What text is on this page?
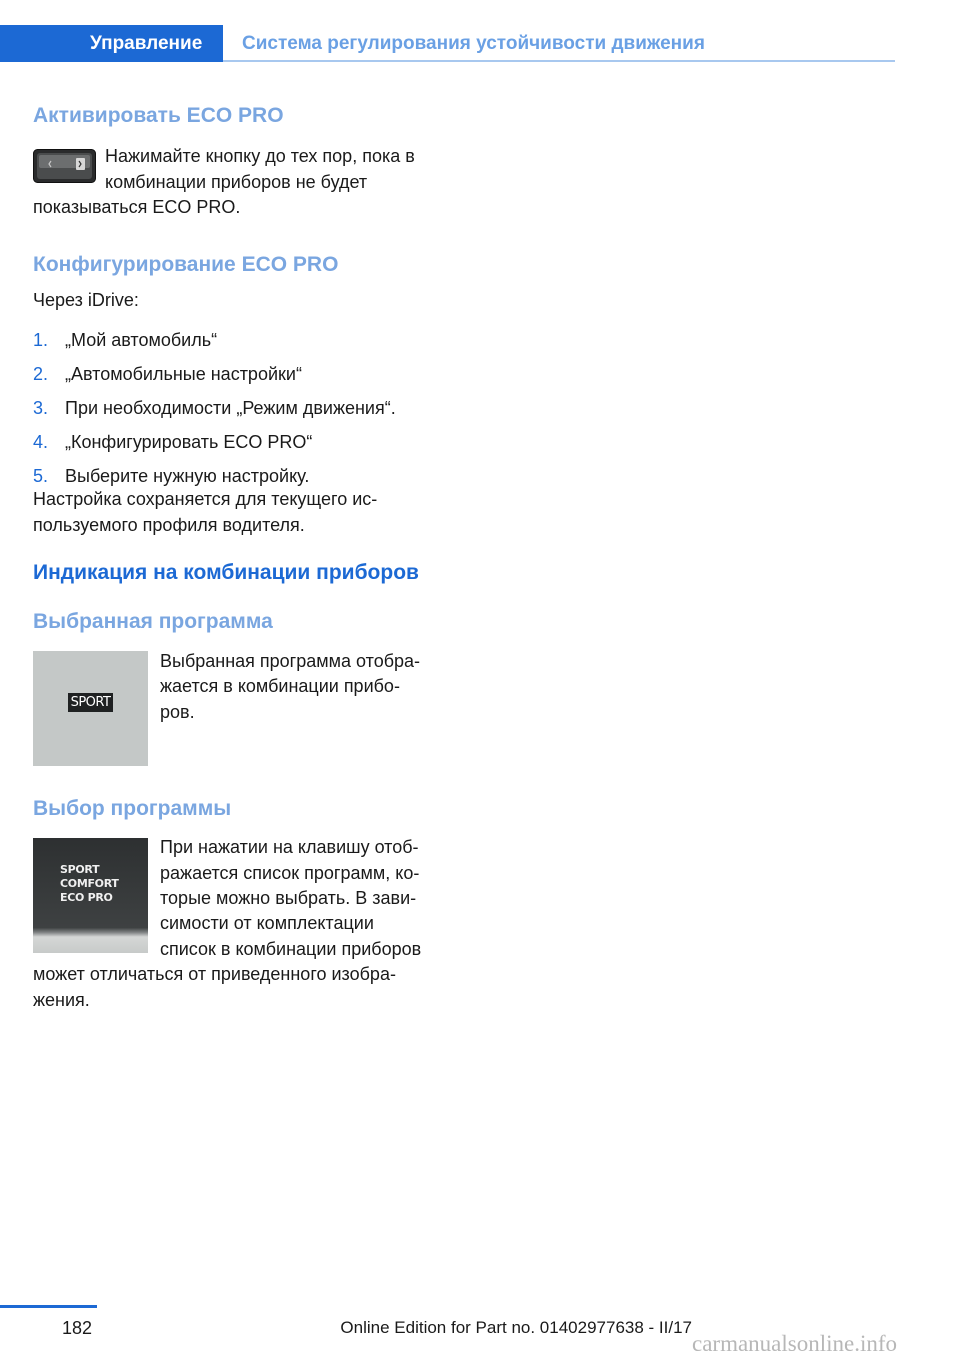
Управление	Система регулирования устойчивости движения
Активировать ECO PRO

Нажимайте кнопку до тех пор, пока в

комбинации приборов не будет

показываться ECO PRO.

Конфигурирование ECO PRO

Через iDrive:

1. „Мой автомобиль“
2. „Автомобильные настройки“
3. При необходимости „Режим движения“.
4. „Конфигурировать ECO PRO“
5. Выберите нужную настройку.

Настройка сохраняется для текущего ис-

пользуемого профиля водителя.

Индикация на комбинации приборов
Выбранная программа
SPORT

Выбранная программа отобра-

жается в комбинации прибо-

ров.

Выбор программы
SPORT
COMFORT
ECO PRO

При нажатии на клавишу отоб-

ражается список программ, ко-

торые можно выбрать. В зави-

симости от комплектации

список в комбинации приборов

может отличаться от приведенного изобра-

жения.

182	Online Edition for Part no. 01402977638 - II/17
carmanualsonline.info
